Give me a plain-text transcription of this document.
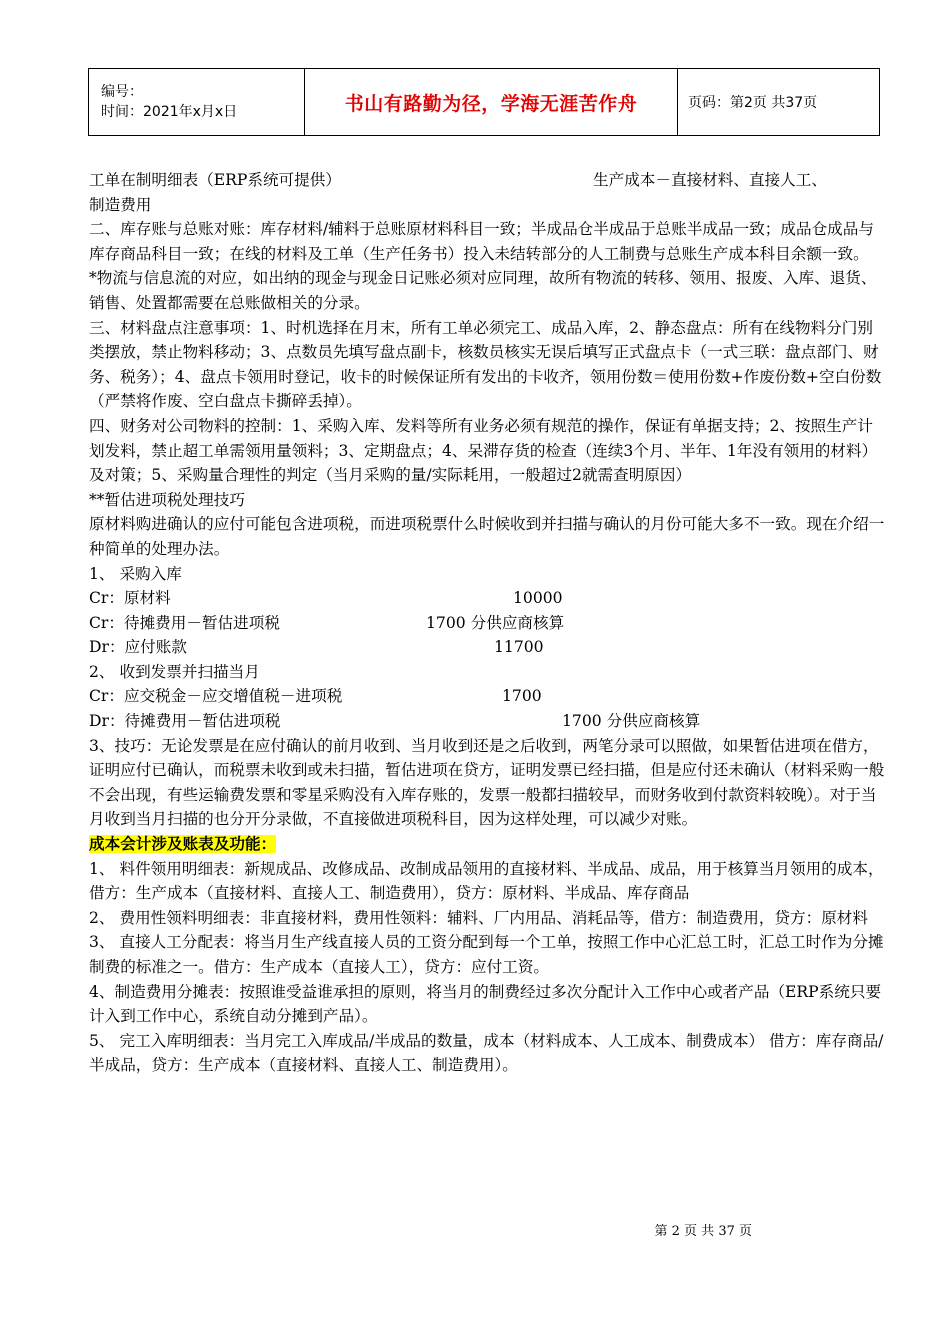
编号：
时间：2021年x月x日	书山有路勤为径，学海无涯苦作舟	页码：第2页 共37页
工单在制明细表（ERP系统可提供）	生产成本－直接材料、直接人工、

制造费用

二、库存账与总账对账：库存材料/辅料于总账原材料科目一致；半成品仓半成品于总账半成品一致；成品仓成品与库存商品科目一致；在线的材料及工单（生产任务书）投入未结转部分的人工制费与总账生产成本科目余额一致。

*物流与信息流的对应，如出纳的现金与现金日记账必须对应同理，故所有物流的转移、领用、报废、入库、退货、销售、处置都需要在总账做相关的分录。

三、材料盘点注意事项：1、时机选择在月末，所有工单必须完工、成品入库，2、静态盘点：所有在线物料分门别类摆放，禁止物料移动；3、点数员先填写盘点副卡，核数员核实无误后填写正式盘点卡（一式三联：盘点部门、财务、税务）；4、盘点卡领用时登记，收卡的时候保证所有发出的卡收齐，领用份数＝使用份数+作废份数+空白份数（严禁将作废、空白盘点卡撕碎丢掉）。

四、财务对公司物料的控制：1、采购入库、发料等所有业务必须有规范的操作，保证有单据支持；2、按照生产计划发料，禁止超工单需领用量领料；3、定期盘点；4、呆滞存货的检查（连续3个月、半年、1年没有领用的材料）及对策；5、采购量合理性的判定（当月采购的量/实际耗用，一般超过2就需查明原因）

**暂估进项税处理技巧

原材料购进确认的应付可能包含进项税，而进项税票什么时候收到并扫描与确认的月份可能大多不一致。现在介绍一种简单的处理办法。

1、 采购入库

Cr：原材料	10000
Cr：待摊费用－暂估进项税	1700 分供应商核算
Dr：应付账款	11700

2、 收到发票并扫描当月

Cr：应交税金－应交增值税－进项税	1700
Dr：待摊费用－暂估进项税	1700 分供应商核算

3、技巧：无论发票是在应付确认的前月收到、当月收到还是之后收到，两笔分录可以照做，如果暂估进项在借方，证明应付已确认，而税票未收到或未扫描，暂估进项在贷方，证明发票已经扫描，但是应付还未确认（材料采购一般不会出现，有些运输费发票和零星采购没有入库存账的，发票一般都扫描较早，而财务收到付款资料较晚）。对于当月收到当月扫描的也分开分录做，不直接做进项税科目，因为这样处理，可以减少对账。

成本会计涉及账表及功能：

1、 料件领用明细表：新规成品、改修成品、改制成品领用的直接材料、半成品、成品，用于核算当月领用的成本，借方：生产成本（直接材料、直接人工、制造费用），贷方：原材料、半成品、库存商品

2、 费用性领料明细表：非直接材料，费用性领料：辅料、厂内用品、消耗品等，借方：制造费用，贷方：原材料

3、 直接人工分配表：将当月生产线直接人员的工资分配到每一个工单，按照工作中心汇总工时，汇总工时作为分摊制费的标准之一。借方：生产成本（直接人工），贷方：应付工资。

4、制造费用分摊表：按照谁受益谁承担的原则，将当月的制费经过多次分配计入工作中心或者产品（ERP系统只要计入到工作中心，系统自动分摊到产品）。

5、 完工入库明细表：当月完工入库成品/半成品的数量，成本（材料成本、人工成本、制费成本） 借方：库存商品/半成品，贷方：生产成本（直接材料、直接人工、制造费用）。

第 2 页 共 37 页
